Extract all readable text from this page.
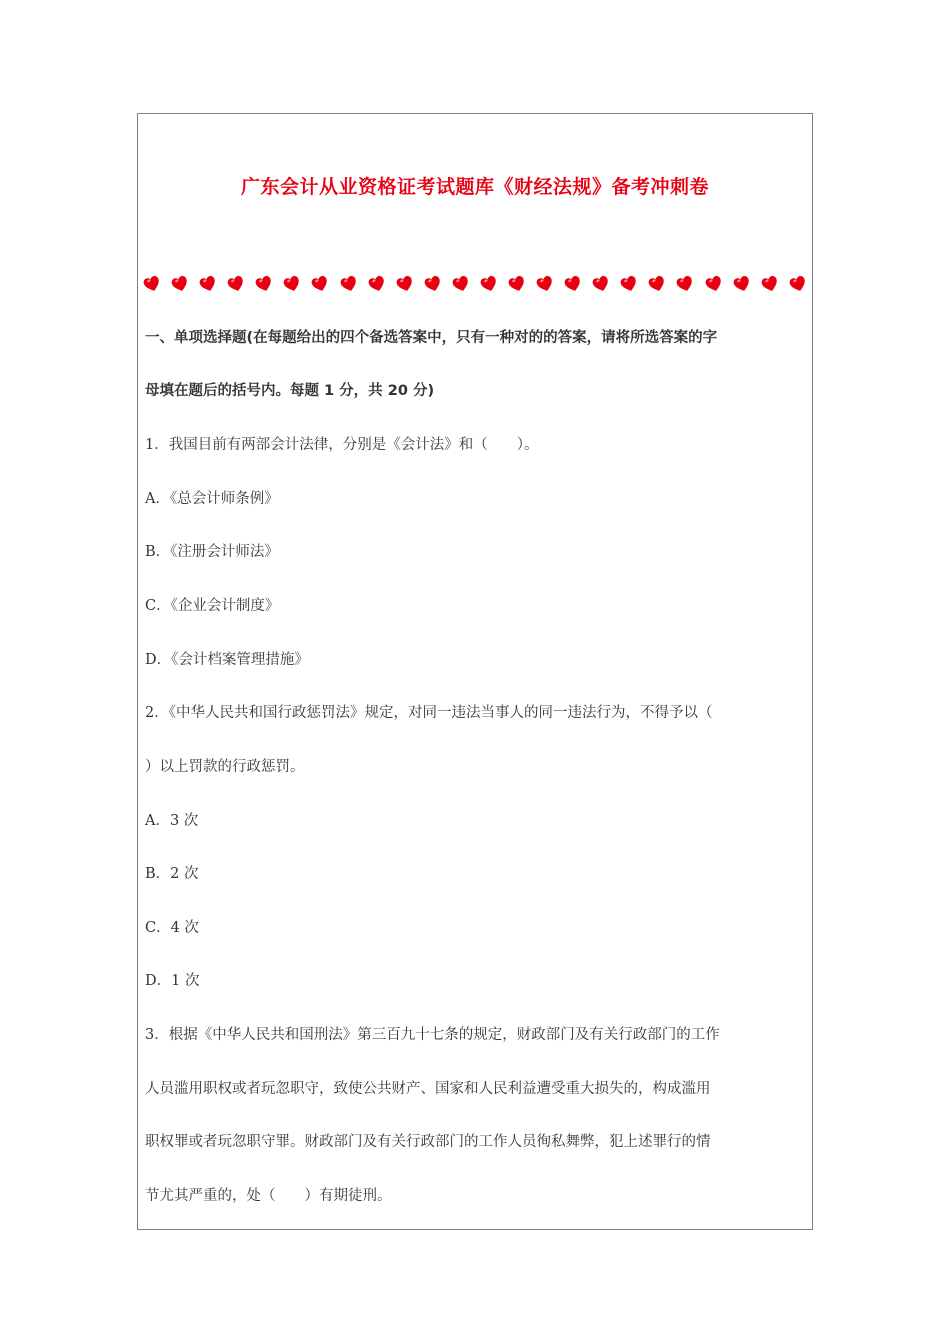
广东会计从业资格证考试题库《财经法规》备考冲刺卷
一、单项选择题(在每题给出的四个备选答案中，只有一种对的的答案，请将所选答案的字
母填在题后的括号内。每题 1 分，共 20 分)
1．我国目前有两部会计法律，分别是《会计法》和（　　）。
A．《总会计师条例》
B．《注册会计师法》
C．《企业会计制度》
D．《会计档案管理措施》
2．《中华人民共和国行政惩罚法》规定，对同一违法当事人的同一违法行为，不得予以（
）以上罚款的行政惩罚。
A．3 次
B．2 次
C．4 次
D．1 次
3．根据《中华人民共和国刑法》第三百九十七条的规定，财政部门及有关行政部门的工作
人员滥用职权或者玩忽职守，致使公共财产、国家和人民利益遭受重大损失的，构成滥用
职权罪或者玩忽职守罪。财政部门及有关行政部门的工作人员徇私舞弊，犯上述罪行的情
节尤其严重的，处（　　）有期徒刑。
